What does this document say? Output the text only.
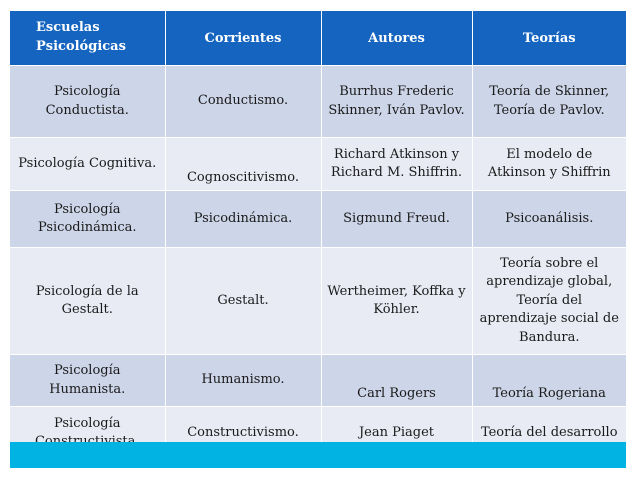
Escuelas Psicológicas	Corrientes	Autores	Teorías
Psicología Conductista.	Conductismo.	Burrhus Frederic Skinner, Iván Pavlov.	Teoría de Skinner, Teoría de Pavlov.
Psicología Cognitiva.	Cognoscitivismo.	Richard Atkinson y Richard M. Shiffrin.	El modelo de Atkinson y Shiffrin
Psicología Psicodinámica.	Psicodinámica.	Sigmund Freud.	Psicoanálisis.
Psicología de la Gestalt.	Gestalt.	Wertheimer, Koffka y Köhler.	Teoría sobre el aprendizaje global, Teoría del aprendizaje social de Bandura.
Psicología Humanista.	Humanismo.	Carl Rogers	Teoría Rogeriana
Psicología	Constructivismo.	Jean Piaget	Teoría del desarrollo
